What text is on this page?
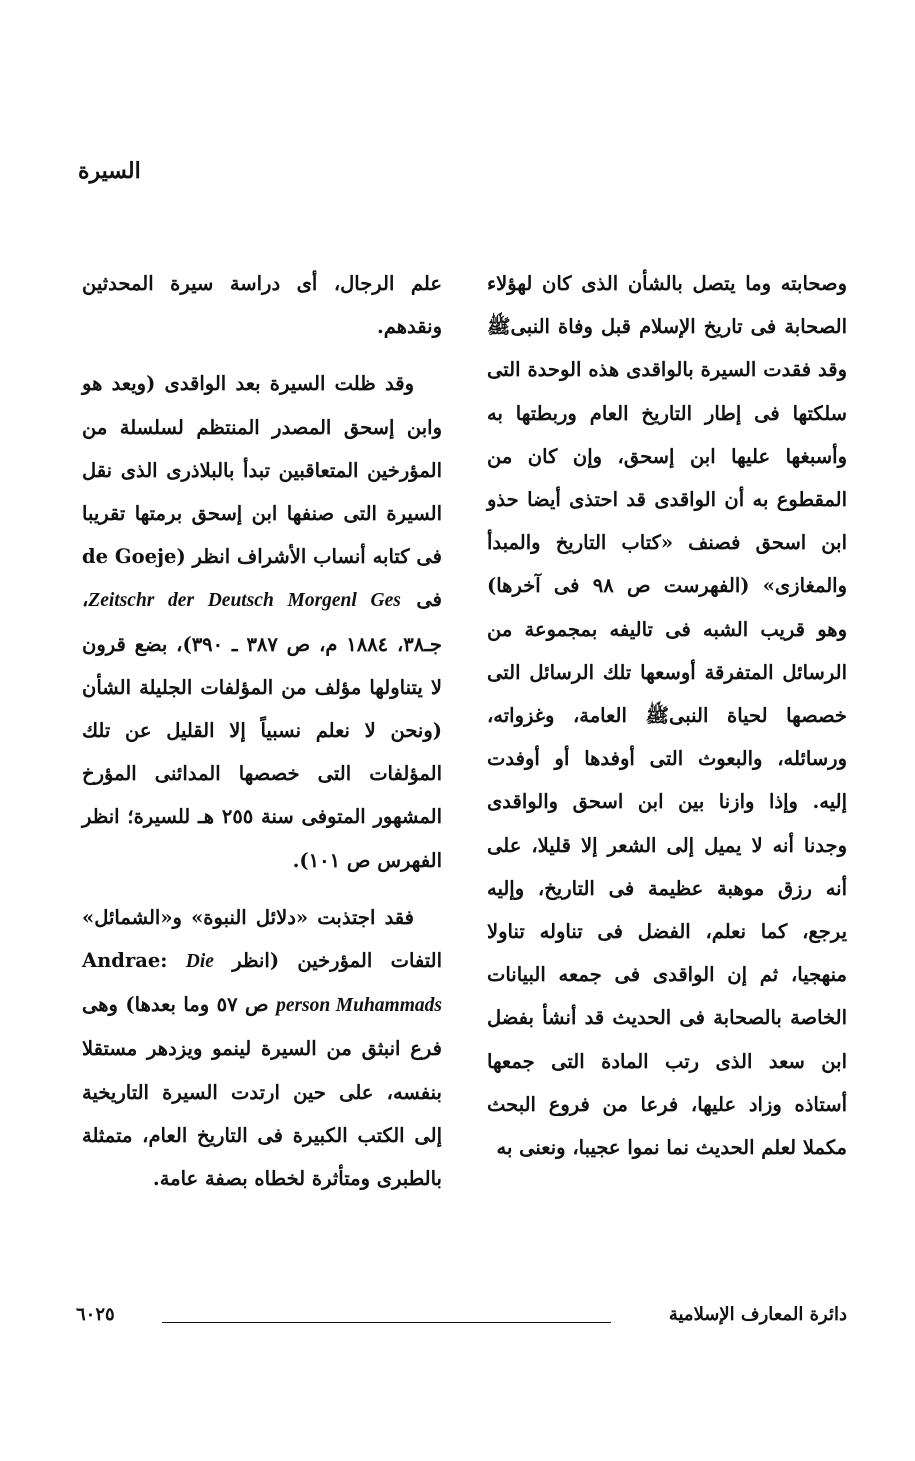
السيرة

وصحابته وما يتصل بالشأن الذى كان لهؤلاء الصحابة فى تاريخ الإسلام قبل وفاة النبىﷺ وقد فقدت السيرة بالواقدى هذه الوحدة التى سلكتها فى إطار التاريخ العام وربطتها به وأسبغها عليها ابن إسحق، وإن كان من المقطوع به أن الواقدى قد احتذى أيضا حذو ابن اسحق فصنف «كتاب التاريخ والمبدأ والمغازى» (الفهرست ص ٩٨ فى آخرها) وهو قريب الشبه فى تاليفه بمجموعة من الرسائل المتفرقة أوسعها تلك الرسائل التى خصصها لحياة النبىﷺ العامة، وغزواته، ورسائله، والبعوث التى أوفدها أو أوفدت إليه. وإذا وازنا بين ابن اسحق والواقدى وجدنا أنه لا يميل إلى الشعر إلا قليلا، على أنه رزق موهبة عظيمة فى التاريخ، وإليه يرجع، كما نعلم، الفضل فى تناوله تناولا منهجيا، ثم إن الواقدى فى جمعه البيانات الخاصة بالصحابة فى الحديث قد أنشأ بفضل ابن سعد الذى رتب المادة التى جمعها أستاذه وزاد عليها، فرعا من فروع البحث مكملا لعلم الحديث نما نموا عجيبا، ونعنى به

علم الرجال، أى دراسة سيرة المحدثين ونقدهم.

وقد ظلت السيرة بعد الواقدى (ويعد هو وابن إسحق المصدر المنتظم لسلسلة من المؤرخين المتعاقبين تبدأ بالبلاذرى الذى نقل السيرة التى صنفها ابن إسحق برمتها تقريبا فى كتابه أنساب الأشراف انظر (de Goeje فى Zeitschr der Deutsch Morgenl Ges، جـ٣٨، ١٨٨٤ م، ص ٣٨٧ ـ ٣٩٠)، بضع قرون لا يتناولها مؤلف من المؤلفات الجليلة الشأن (ونحن لا نعلم نسبياً إلا القليل عن تلك المؤلفات التى خصصها المدائنى المؤرخ المشهور المتوفى سنة ٢٥٥ هـ للسيرة؛ انظر الفهرس ص ١٠١).

فقد اجتذبت «دلائل النبوة» و«الشمائل» التفات المؤرخين (انظر Andrae: Die person Muhammads ص ٥٧ وما بعدها) وهى فرع انبثق من السيرة لينمو ويزدهر مستقلا بنفسه، على حين ارتدت السيرة التاريخية إلى الكتب الكبيرة فى التاريخ العام، متمثلة بالطبرى ومتأثرة لخطاه بصفة عامة.

دائرة المعارف الإسلامية
٦٠٢٥
